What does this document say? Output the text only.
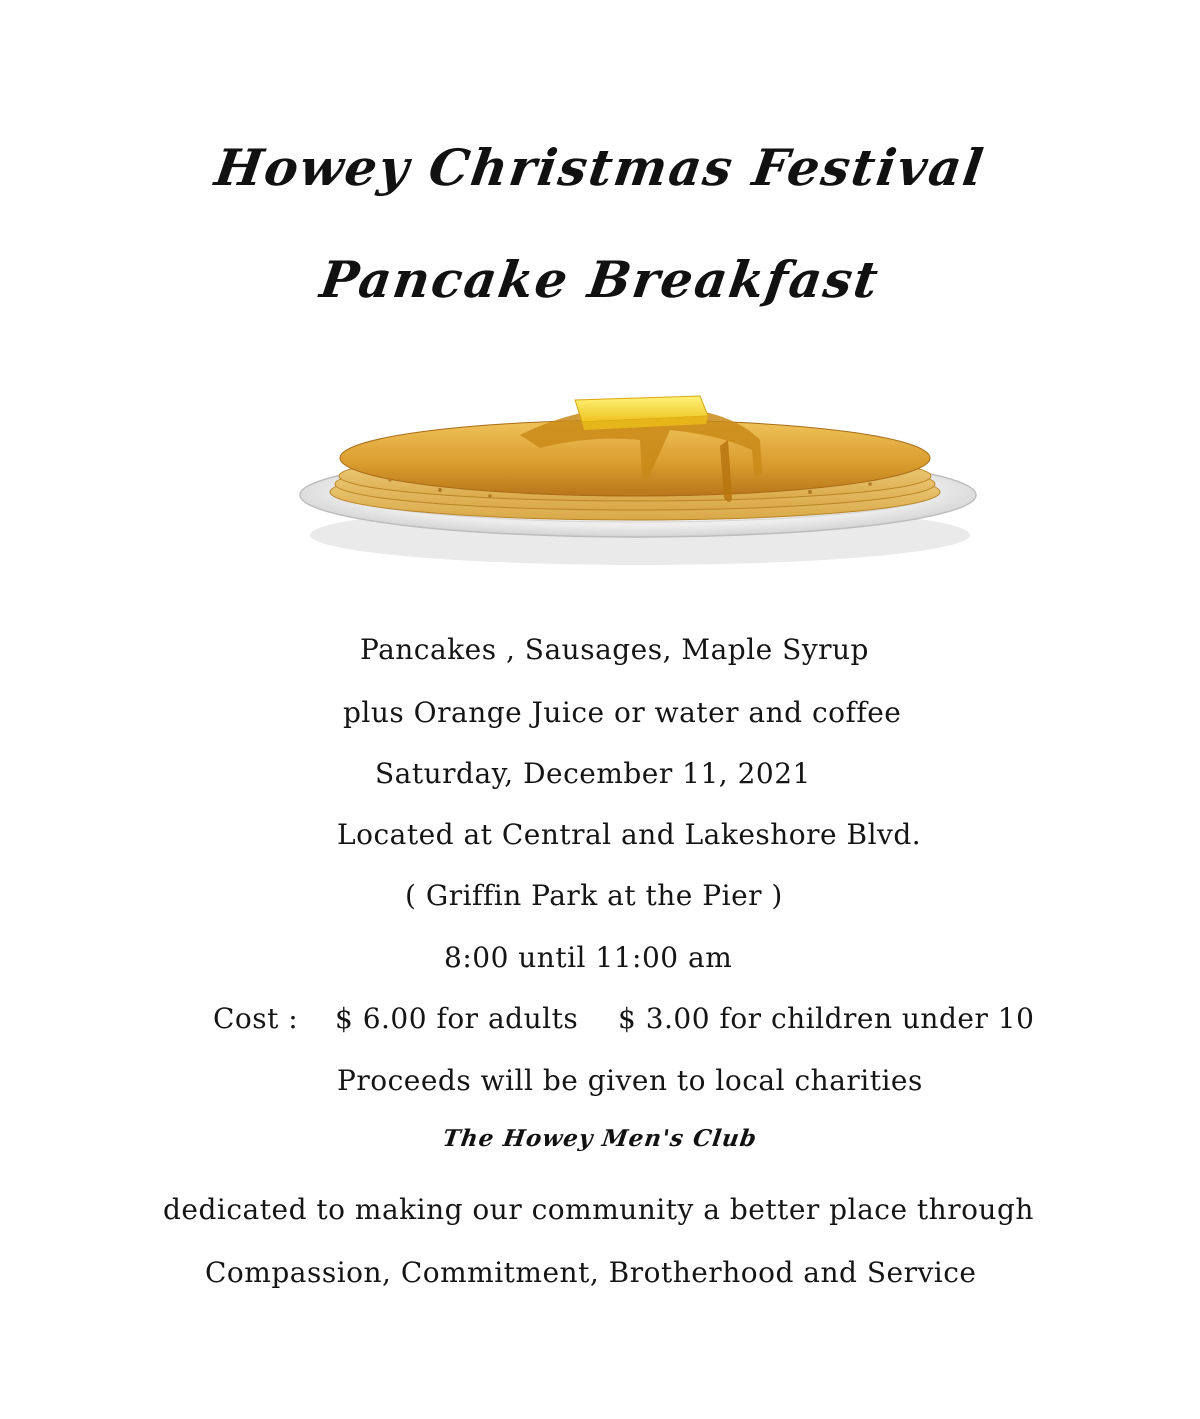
Howey Christmas Festival
Pancake Breakfast
Pancakes , Sausages, Maple Syrup
plus Orange Juice or water and coffee
Saturday, December 11, 2021
Located at Central and Lakeshore Blvd.
( Griffin Park at the Pier )
8:00 until 11:00 am
Cost : $ 6.00 for adults $ 3.00 for children under 10
Proceeds will be given to local charities
The Howey Men's Club
dedicated to making our community a better place through
Compassion, Commitment, Brotherhood and Service
